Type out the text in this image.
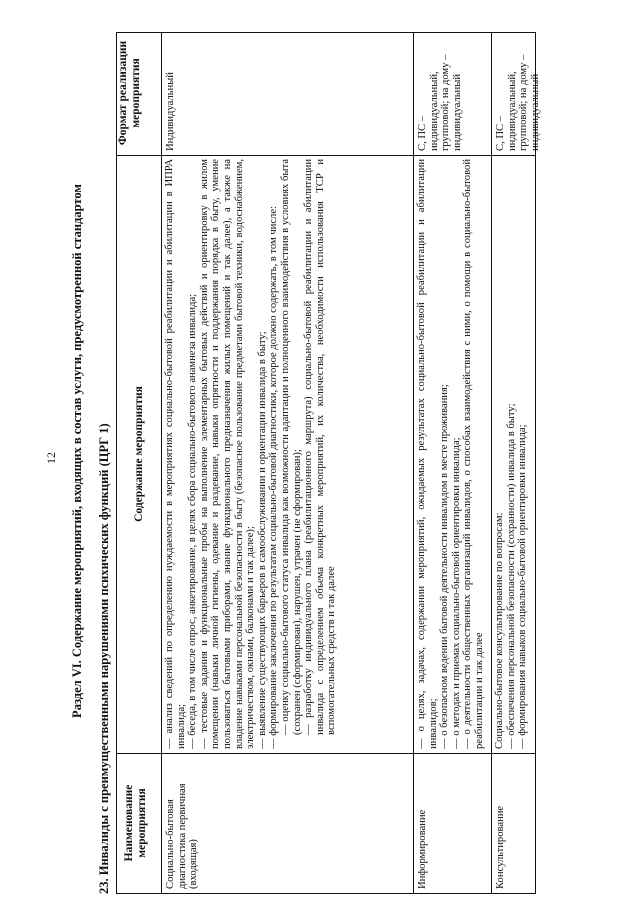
12 Раздел VI. Содержание мероприятий, входящих в состав услуги, предусмотренной стандартом 23. Инвалиды с преимущественными нарушениями психических функций (ЦРГ 1) Наименование мероприятия
Содержание мероприятия
Формат реализации мероприятия
Социально-бытовая диагностика первичная (входящая)
— анализ сведений по определению нуждаемости в мероприятиях социально-бытовой реабилитации и абилитации в ИПРА инвалида; — беседа, в том числе опрос, анкетирование, в целях сбора социально-бытового анамнеза инвалида; — тестовые задания и функциональные пробы на выполнение элементарных бытовых действий и ориентировку в жилом помещении (навыки личной гигиены, одевание и раздевание, навыки опрятности и поддержания порядка в быту, умение пользоваться бытовыми приборами, знание функционального предназначения жилых помещений и так далее), а также на владение навыками персональной безопасности в быту (безопасное пользование предметами бытовой техники, водоснабжением, электричеством, окнами, балконами и так далее); — выявление существующих барьеров в самообслуживании и ориентации инвалида в быту; — формирование заключения по результатам социально-бытовой диагностики, которое должно содержать, в том числе: — оценку социально-бытового статуса инвалида как возможности адаптации и полноценного взаимодействия в условиях быта (сохранен (сформирован), нарушен, утрачен (не сформирован); — разработку индивидуального плана (реабилитационного маршрута) социально-бытовой реабилитации и абилитации инвалида с определением объема конкретных мероприятий, их количества, необходимости использования ТСР и вспомогательных средств и так далее
Индивидуальный
Информирование
— о целях, задачах, содержании мероприятий, ожидаемых результатах социально-бытовой реабилитации и абилитации инвалидов; — о безопасном ведении бытовой деятельности инвалидом в месте проживания; — о методах и приемах социально-бытовой ориентировки инвалида; — о деятельности общественных организаций инвалидов, о способах взаимодействия с ними, о помощи в социально-бытовой реабилитации и так далее
С, ПС – индивидуальный, групповой; на дому – индивидуальный
Консультирование
Социально-бытовое консультирование по вопросам: — обеспечения персональной безопасности (сохранности) инвалида в быту; — формирования навыков социально-бытовой ориентировки инвалида;
С, ПС – индивидуальный, групповой; на дому – индивидуальный
